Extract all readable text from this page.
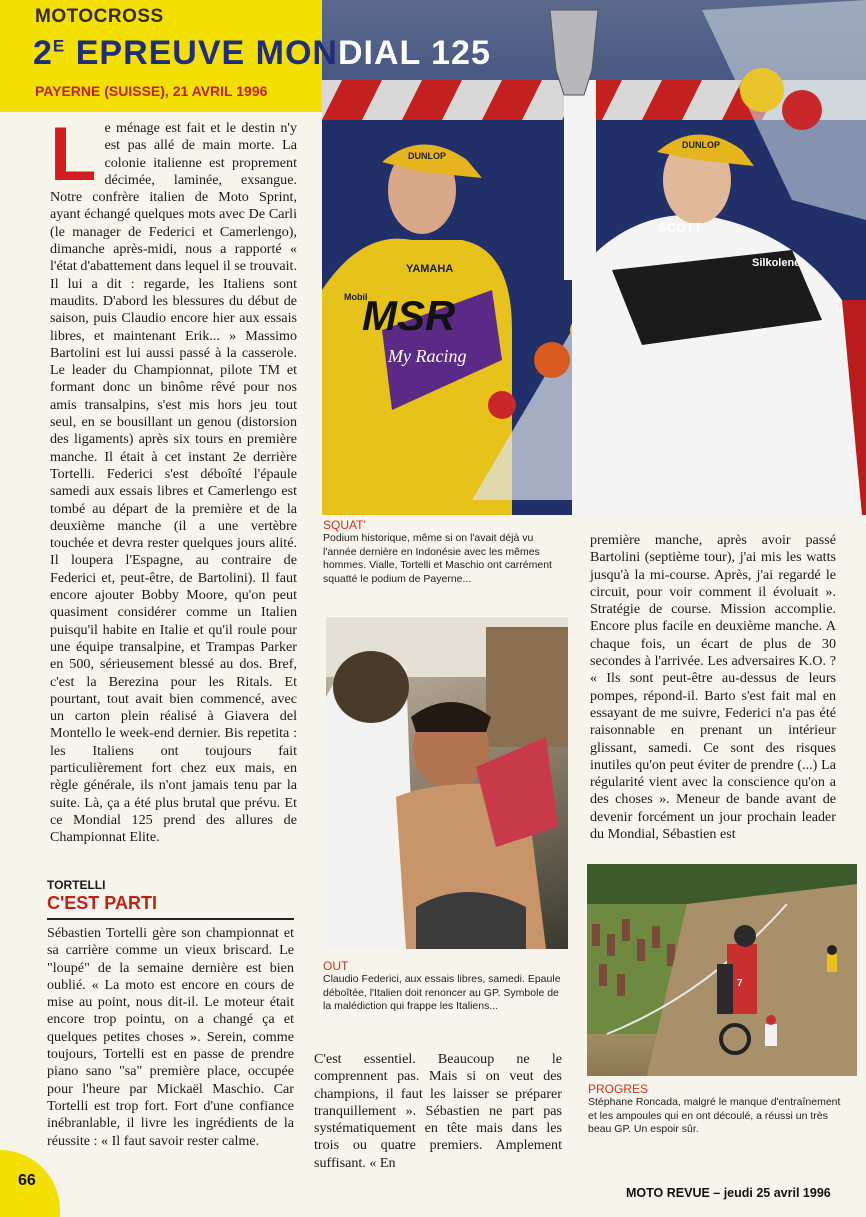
MOTOCROSS
DUNLOP
YAMAHA
Mobil
MSR
My Racing
DUNLOP
SCOTT
Silkolene
$2^E$ EPREUVE MONDIAL 125
PAYERNE (SUISSE), 21 AVRIL 1996
L e ménage est fait et le destin n'y est pas allé de main morte. La colonie italienne est proprement décimée, laminée, exsangue. Notre confrère italien de Moto Sprint, ayant échangé quelques mots avec De Carli (le manager de Federici et Camerlengo), dimanche après-midi, nous a rapporté « l'état d'abattement dans lequel il se trouvait. Il lui a dit : regarde, les Italiens sont maudits. D'abord les blessures du début de saison, puis Claudio encore hier aux essais libres, et maintenant Erik... » Massimo Bartolini est lui aussi passé à la casserole. Le leader du Championnat, pilote TM et formant donc un binôme rêvé pour nos amis transalpins, s'est mis hors jeu tout seul, en se bousillant un genou (distorsion des ligaments) après six tours en première manche. Il était à cet instant 2e derrière Tortelli. Federici s'est déboîté l'épaule samedi aux essais libres et Camerlengo est tombé au départ de la première et de la deuxième manche (il a une vertèbre touchée et devra rester quelques jours alité. Il loupera l'Espagne, au contraire de Federici et, peut-être, de Bartolini). Il faut encore ajouter Bobby Moore, qu'on peut quasiment considérer comme un Italien puisqu'il habite en Italie et qu'il roule pour une équipe transalpine, et Trampas Parker en 500, sérieusement blessé au dos. Bref, c'est la Berezina pour les Ritals. Et pourtant, tout avait bien commencé, avec un carton plein réalisé à Giavera del Montello le week-end dernier. Bis repetita : les Italiens ont toujours fait particulièrement fort chez eux mais, en règle générale, ils n'ont jamais tenu par la suite. Là, ça a été plus brutal que prévu. Et ce Mondial 125 prend des allures de Championnat Elite.

TORTELLI
C'EST PARTI
Sébastien Tortelli gère son championnat et sa carrière comme un vieux briscard. Le "loupé" de la semaine dernière est bien oublié. « La moto est encore en cours de mise au point, nous dit-il. Le moteur était encore trop pointu, on a changé ça et quelques petites choses ». Serein, comme toujours, Tortelli est en passe de prendre piano sano "sa" première place, occupée pour l'heure par Mickaël Maschio. Car Tortelli est trop fort. Fort d'une confiance inébranlable, il livre les ingrédients de la réussite : « Il faut savoir rester calme.
SQUAT'
Podium historique, même si on l'avait déjà vu l'année dernière en Indonésie avec les mêmes hommes. Vialle, Tortelli et Maschio ont carrément squatté le podium de Payerne...
OUT
Claudio Federici, aux essais libres, samedi. Epaule déboîtée, l'Italien doit renoncer au GP. Symbole de la malédiction qui frappe les Italiens...
C'est essentiel. Beaucoup ne le comprennent pas. Mais si on veut des champions, il faut les laisser se préparer tranquillement ». Sébastien ne part pas systématiquement en tête mais dans les trois ou quatre premiers. Amplement suffisant. « En
première manche, après avoir passé Bartolini (septième tour), j'ai mis les watts jusqu'à la mi-course. Après, j'ai regardé le circuit, pour voir comment il évoluait ». Stratégie de course. Mission accomplie. Encore plus facile en deuxième manche. A chaque fois, un écart de plus de 30 secondes à l'arrivée. Les adversaires K.O. ? « Ils sont peut-être au-dessus de leurs pompes, répond-il. Barto s'est fait mal en essayant de me suivre, Federici n'a pas été raisonnable en prenant un intérieur glissant, samedi. Ce sont des risques inutiles qu'on peut éviter de prendre (...) La régularité vient avec la conscience qu'on a des choses ». Meneur de bande avant de devenir forcément un jour prochain leader du Mondial, Sébastien est
7
PROGRES
Stéphane Roncada, malgré le manque d'entraînement et les ampoules qui en ont découlé, a réussi un très beau GP. Un espoir sûr.
66
MOTO REVUE – jeudi 25 avril 1996
